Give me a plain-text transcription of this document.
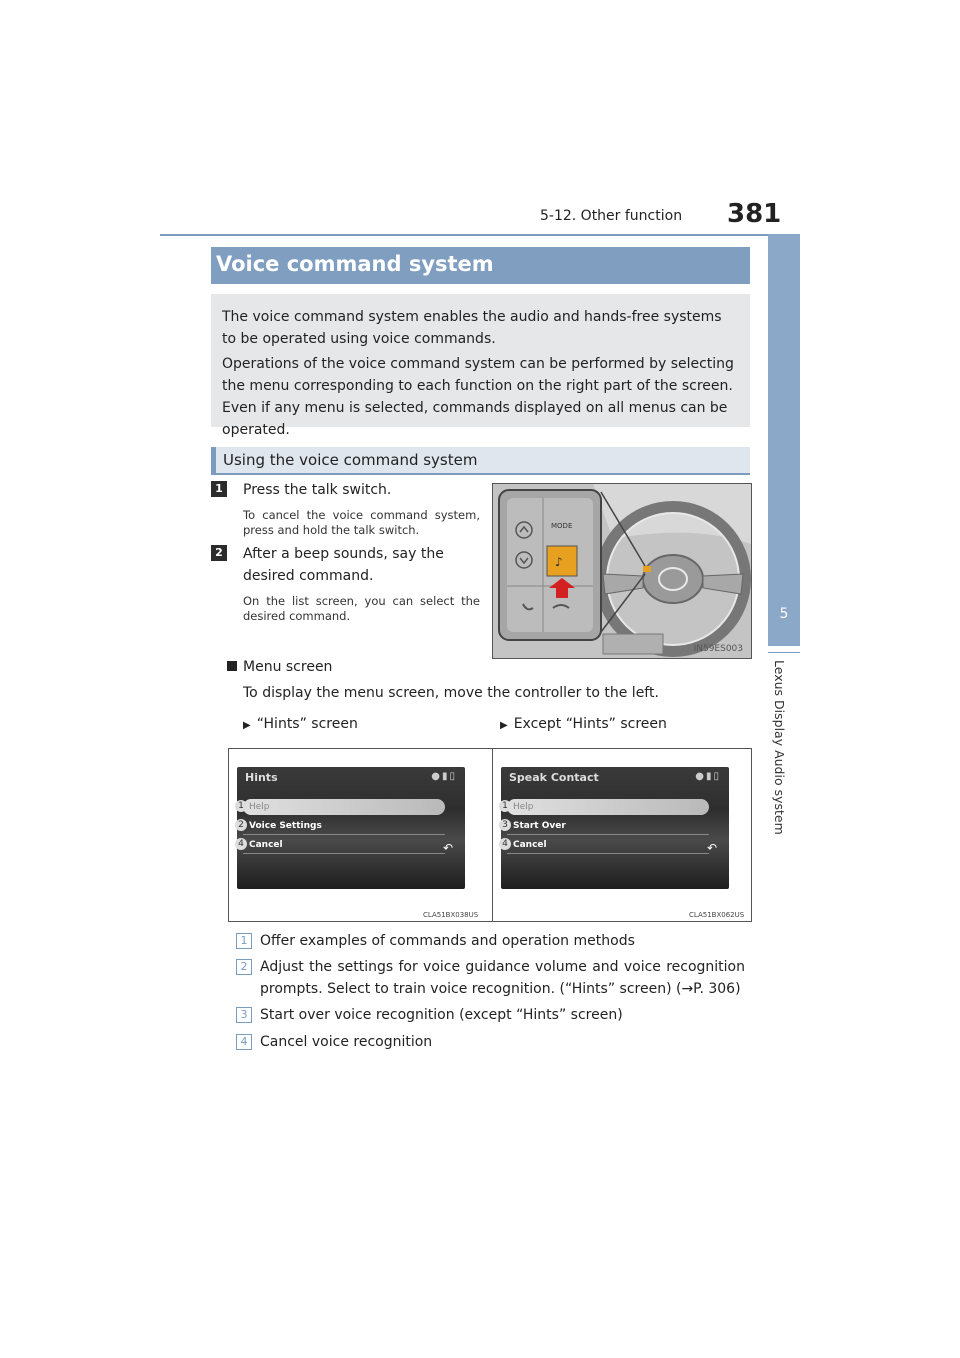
5-12. Other function 381
5
Lexus Display Audio system
Voice command system

The voice command system enables the audio and hands-free systems to be operated using voice commands.

Operations of the voice command system can be performed by selecting the menu corresponding to each function on the right part of the screen. Even if any menu is selected, commands displayed on all menus can be operated.

Using the voice command system
1 Press the talk switch.
To cancel the voice command system, press and hold the talk switch.
2 After a beep sounds, say the desired command.
On the list screen, you can select the desired command.
MODE
♪
IN59ES003
Menu screen
To display the menu screen, move the controller to the left.
▶ “Hints” screen	▶ Except “Hints” screen
Hints	●▮▯
Help
Voice Settings
Cancel	↶
1
2
4
CLA51BX038US
Speak Contact	●▮▯
Help
Start Over
Cancel	↶
1
3
4
CLA51BX062US
1 Offer examples of commands and operation methods
2 Adjust the settings for voice guidance volume and voice recognition prompts. Select to train voice recognition. (“Hints” screen) (→P. 306)
3 Start over voice recognition (except “Hints” screen)
4 Cancel voice recognition
